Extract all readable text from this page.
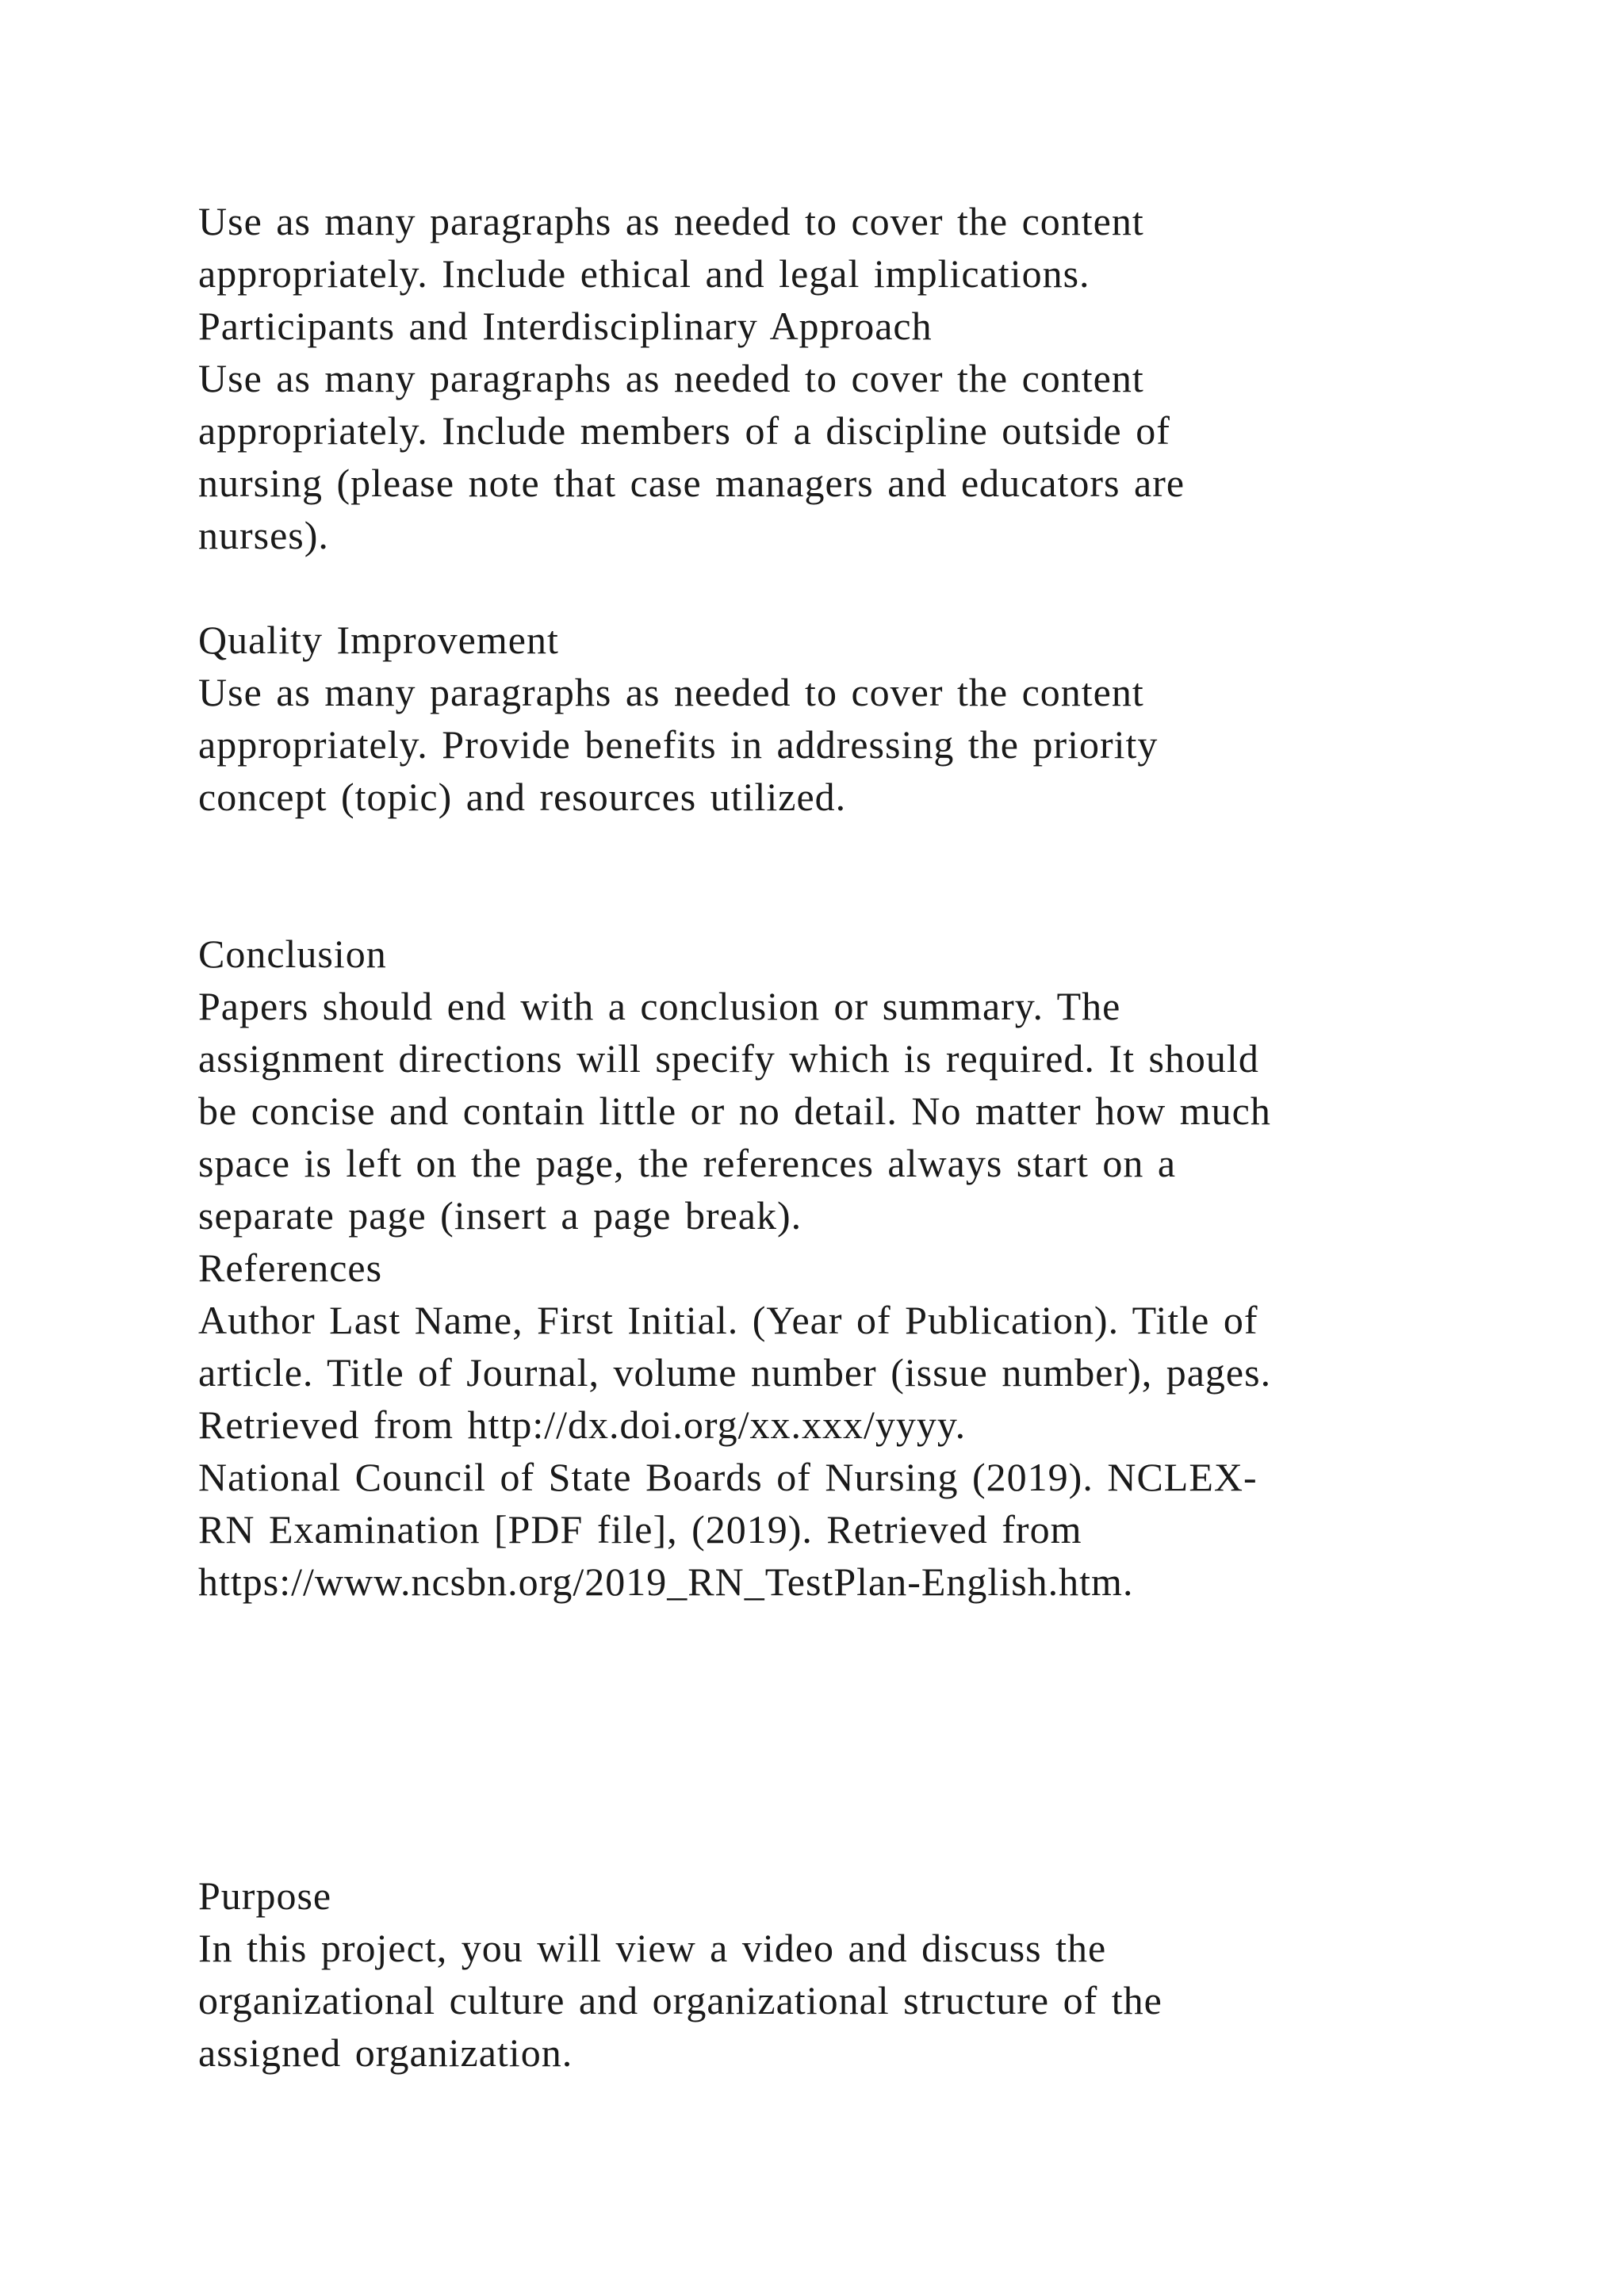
Use as many paragraphs as needed to cover the content
appropriately. Include ethical and legal implications.
Participants and Interdisciplinary Approach
Use as many paragraphs as needed to cover the content
appropriately. Include members of a discipline outside of
nursing (please note that case managers and educators are
nurses).
Quality Improvement
Use as many paragraphs as needed to cover the content
appropriately. Provide benefits in addressing the priority
concept (topic) and resources utilized.
Conclusion
Papers should end with a conclusion or summary. The
assignment directions will specify which is required. It should
be concise and contain little or no detail. No matter how much
space is left on the page, the references always start on a
separate page (insert a page break).
References
Author Last Name, First Initial. (Year of Publication). Title of
article. Title of Journal, volume number (issue number), pages.
Retrieved from http://dx.doi.org/xx.xxx/yyyy.
National Council of State Boards of Nursing (2019). NCLEX-
RN Examination [PDF file], (2019). Retrieved from
https://www.ncsbn.org/2019_RN_TestPlan-English.htm.
Purpose
In this project, you will view a video and discuss the
organizational culture and organizational structure of the
assigned organization.
